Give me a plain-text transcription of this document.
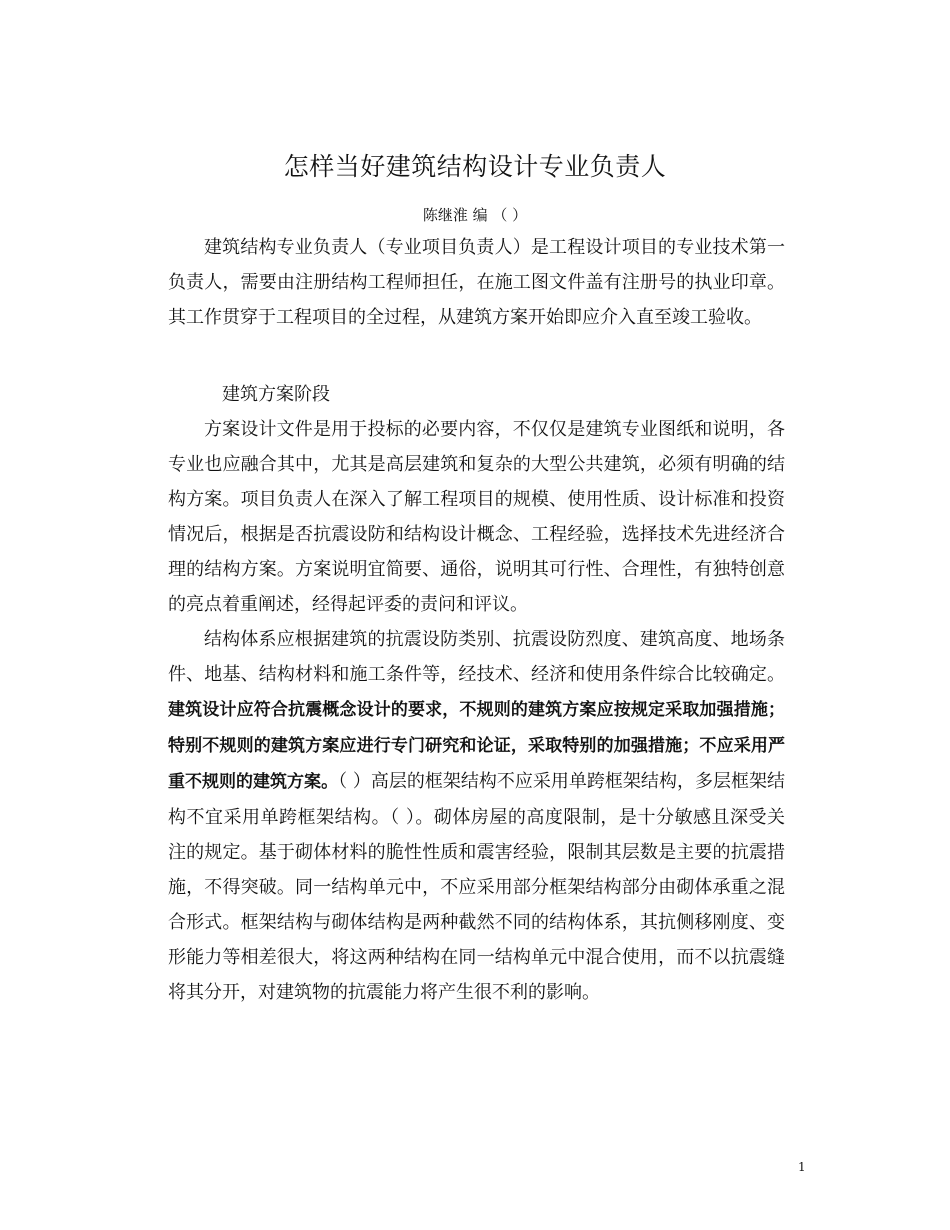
怎样当好建筑结构设计专业负责人
陈继淮 编 （ ）

建筑结构专业负责人（专业项目负责人）是工程设计项目的专业技术第一负责人，需要由注册结构工程师担任，在施工图文件盖有注册号的执业印章。其工作贯穿于工程项目的全过程，从建筑方案开始即应介入直至竣工验收。

建筑方案阶段

方案设计文件是用于投标的必要内容，不仅仅是建筑专业图纸和说明，各专业也应融合其中，尤其是高层建筑和复杂的大型公共建筑，必须有明确的结构方案。项目负责人在深入了解工程项目的规模、使用性质、设计标准和投资情况后，根据是否抗震设防和结构设计概念、工程经验，选择技术先进经济合理的结构方案。方案说明宜简要、通俗，说明其可行性、合理性，有独特创意的亮点着重阐述，经得起评委的责问和评议。

结构体系应根据建筑的抗震设防类别、抗震设防烈度、建筑高度、地场条件、地基、结构材料和施工条件等，经技术、经济和使用条件综合比较确定。建筑设计应符合抗震概念设计的要求，不规则的建筑方案应按规定采取加强措施；特别不规则的建筑方案应进行专门研究和论证，采取特别的加强措施；不应采用严重不规则的建筑方案。（ ）高层的框架结构不应采用单跨框架结构，多层框架结构不宜采用单跨框架结构。（ ）。砌体房屋的高度限制，是十分敏感且深受关注的规定。基于砌体材料的脆性性质和震害经验，限制其层数是主要的抗震措施，不得突破。同一结构单元中，不应采用部分框架结构部分由砌体承重之混合形式。框架结构与砌体结构是两种截然不同的结构体系，其抗侧移刚度、变形能力等相差很大，将这两种结构在同一结构单元中混合使用，而不以抗震缝将其分开，对建筑物的抗震能力将产生很不利的影响。

1
